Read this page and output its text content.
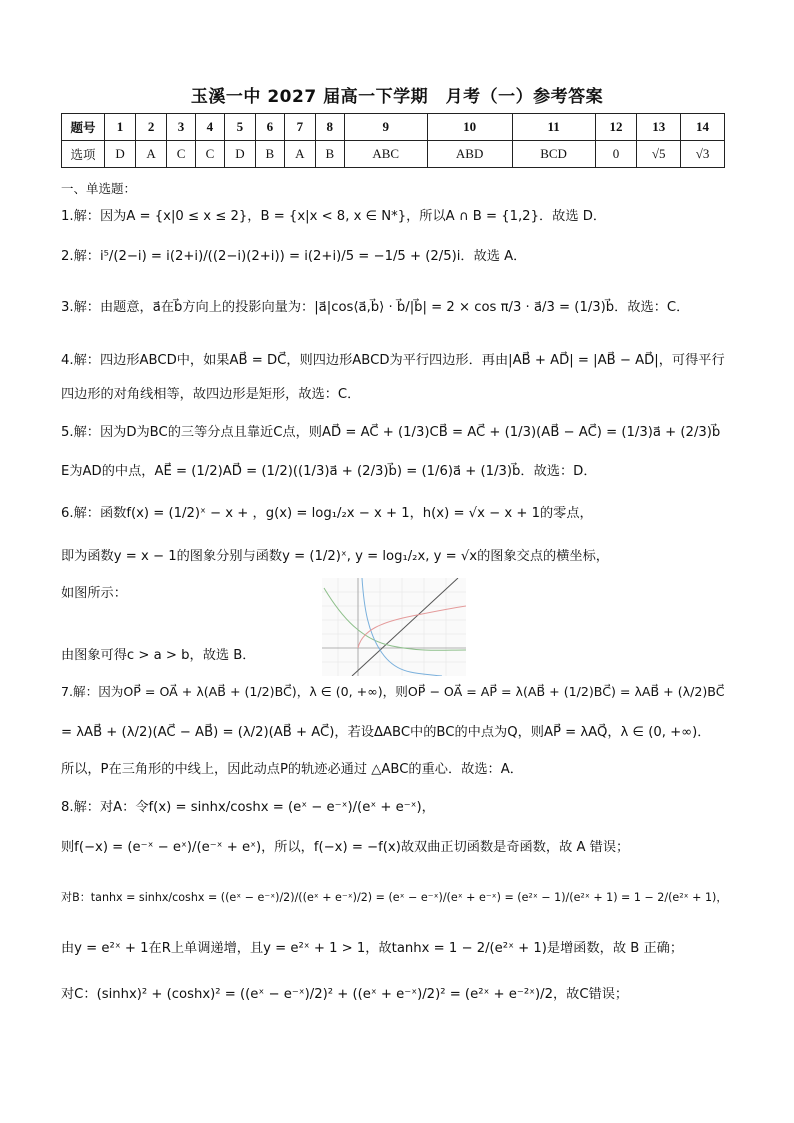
玉溪一中 2027 届高一下学期　月考（一）参考答案
题号	1	2	3	4	5	6	7	8	9	10	11	12	13	14
选项	D	A	C	C	D	B	A	B	ABC	ABD	BCD	0	√5	√3
一、单选题：
1.解：因为A = {x|0 ≤ x ≤ 2}，B = {x|x < 8, x ∈ N*}，所以A ∩ B = {1,2}．故选 D．
2.解：i⁵/(2−i) = i(2+i)/((2−i)(2+i)) = i(2+i)/5 = −1/5 + (2/5)i．故选 A．
3.解：由题意，a⃗在b⃗方向上的投影向量为：|a⃗|cos⟨a⃗,b⃗⟩ · b⃗/|b⃗| = 2 × cos π/3 · a⃗/3 = (1/3)b⃗．故选：C．
4.解：四边形ABCD中，如果AB⃗ = DC⃗，则四边形ABCD为平行四边形．再由|AB⃗ + AD⃗| = |AB⃗ − AD⃗|，可得平行
四边形的对角线相等，故四边形是矩形，故选：C．
5.解：因为D为BC的三等分点且靠近C点，则AD⃗ = AC⃗ + (1/3)CB⃗ = AC⃗ + (1/3)(AB⃗ − AC⃗) = (1/3)a⃗ + (2/3)b⃗
E为AD的中点，AE⃗ = (1/2)AD⃗ = (1/2)((1/3)a⃗ + (2/3)b⃗) = (1/6)a⃗ + (1/3)b⃗．故选：D．
6.解：函数f(x) = (1/2)ˣ − x + ，g(x) = log₁/₂x − x + 1，h(x) = √x − x + 1的零点，
即为函数y = x − 1的图象分别与函数y = (1/2)ˣ, y = log₁/₂x, y = √x的图象交点的横坐标，
如图所示：
由图象可得c > a > b，故选 B．
7.解：因为OP⃗ = OA⃗ + λ(AB⃗ + (1/2)BC⃗)，λ ∈ (0, +∞)，则OP⃗ − OA⃗ = AP⃗ = λ(AB⃗ + (1/2)BC⃗) = λAB⃗ + (λ/2)BC⃗
= λAB⃗ + (λ/2)(AC⃗ − AB⃗) = (λ/2)(AB⃗ + AC⃗)，若设ΔABC中的BC的中点为Q，则AP⃗ = λAQ⃗，λ ∈ (0, +∞)．
所以，P在三角形的中线上，因此动点P的轨迹必通过 △ABC的重心．故选：A．
8.解：对A：令f(x) = sinhx/coshx = (eˣ − e⁻ˣ)/(eˣ + e⁻ˣ)，
则f(−x) = (e⁻ˣ − eˣ)/(e⁻ˣ + eˣ)，所以，f(−x) = −f(x)故双曲正切函数是奇函数，故 A 错误；
对B：tanhx = sinhx/coshx = ((eˣ − e⁻ˣ)/2)/((eˣ + e⁻ˣ)/2) = (eˣ − e⁻ˣ)/(eˣ + e⁻ˣ) = (e²ˣ − 1)/(e²ˣ + 1) = 1 − 2/(e²ˣ + 1)，
由y = e²ˣ + 1在R上单调递增，且y = e²ˣ + 1 > 1，故tanhx = 1 − 2/(e²ˣ + 1)是增函数，故 B 正确；
对C：(sinhx)² + (coshx)² = ((eˣ − e⁻ˣ)/2)² + ((eˣ + e⁻ˣ)/2)² = (e²ˣ + e⁻²ˣ)/2，故C错误；
